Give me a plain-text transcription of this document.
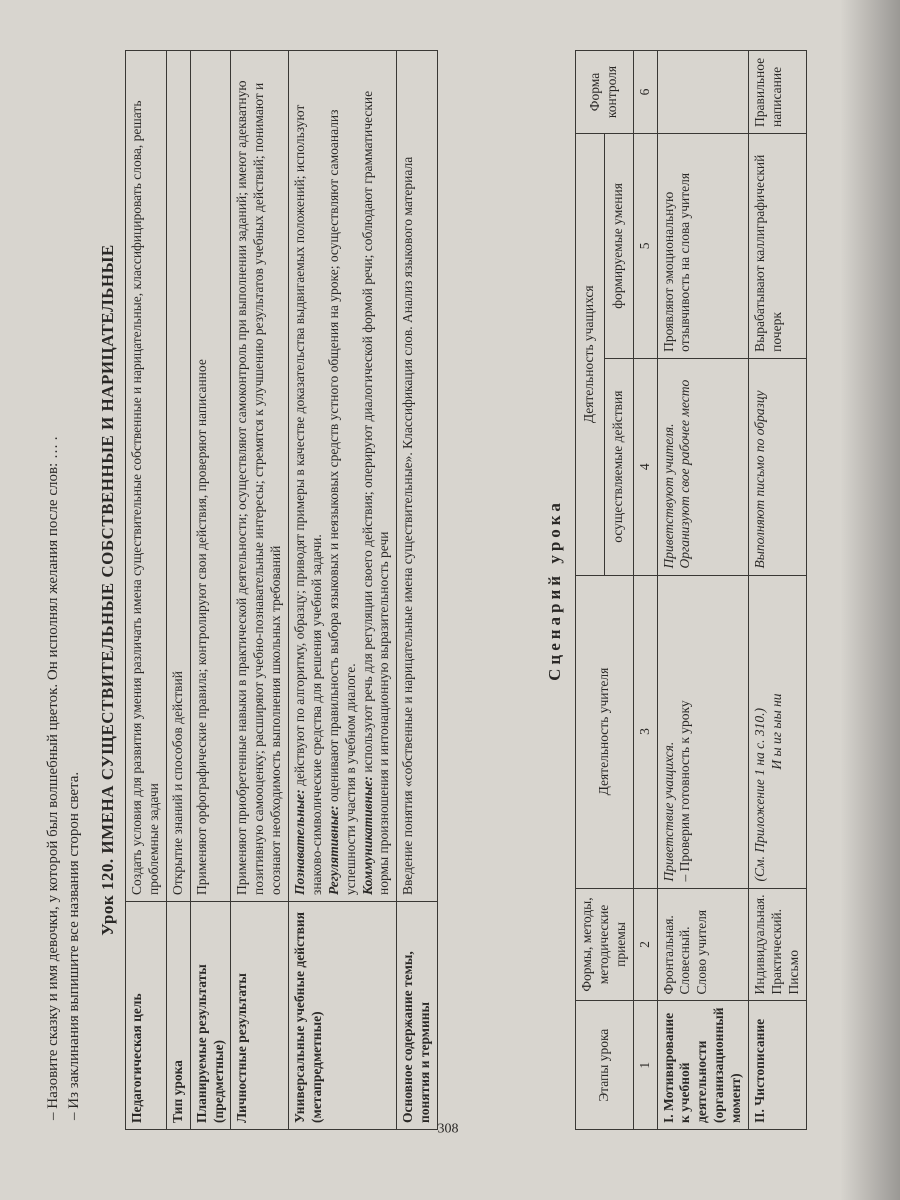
– Назовите сказку и имя девочки, у которой был волшебный цветок. Он исполнял желания после слов: … . – Из заклинания выпишите все названия сторон света.
Урок 120. ИМЕНА СУЩЕСТВИТЕЛЬНЫЕ СОБСТВЕННЫЕ И НАРИЦАТЕЛЬНЫЕ
Педагогическая цель	Создать условия для развития умения различать имена существительные собственные и нарицательные, классифицировать слова, решать проблемные задачи
Тип урока	Открытие знаний и способов действий
Планируемые результаты (предметные)	Применяют орфографические правила; контролируют свои действия, проверяют написанное
Личностные результаты	Применяют приобретенные навыки в практической деятельности; осуществляют самоконтроль при выполнении заданий; имеют адекватную позитивную самооценку; расширяют учебно-познавательные интересы; стремятся к улучшению результатов учебных действий; понимают и осознают необходимость выполнения школьных требований
Универсальные учебные действия (метапредметные)	Познавательные: действуют по алгоритму, образцу; приводят примеры в качестве доказательства выдвигаемых положений; используют знаково-символические средства для решения учебной задачи. Регулятивные: оценивают правильность выбора языковых и неязыковых средств устного общения на уроке; осуществляют самоанализ успешности участия в учебном диалоге. Коммуникативные: используют речь для регуляции своего действия; оперируют диалогической формой речи; соблюдают грамматические нормы произношения и интонационную выразительность речи
Основное содержание темы, понятия и термины	Введение понятия «собственные и нарицательные имена существительные». Классификация слов. Анализ языкового материала	Сценарий урока
Этапы урока	Формы, методы, методические приемы	Деятельность учителя	Деятельность учащихся		Форма контроля
			осуществляемые действия	формируемые умения	
1	2	3	4	5	6
I. Мотивирование к учебной деятельности (организационный момент)	Фронтальная. Словесный. Слово учителя	Приветствие учащихся. – Проверим готовность к уроку	Приветствуют учителя. Организуют свое рабочее место	Проявляют эмоциональную отзывчивость на слова учителя	
II. Чистописание	Индивидуальная. Практический. Письмо	(См. Приложение 1 на с. 310.) И ы иг ыы ни	Выполняют письмо по образцу	Вырабатывают каллиграфический почерк	Правильное написание
308
